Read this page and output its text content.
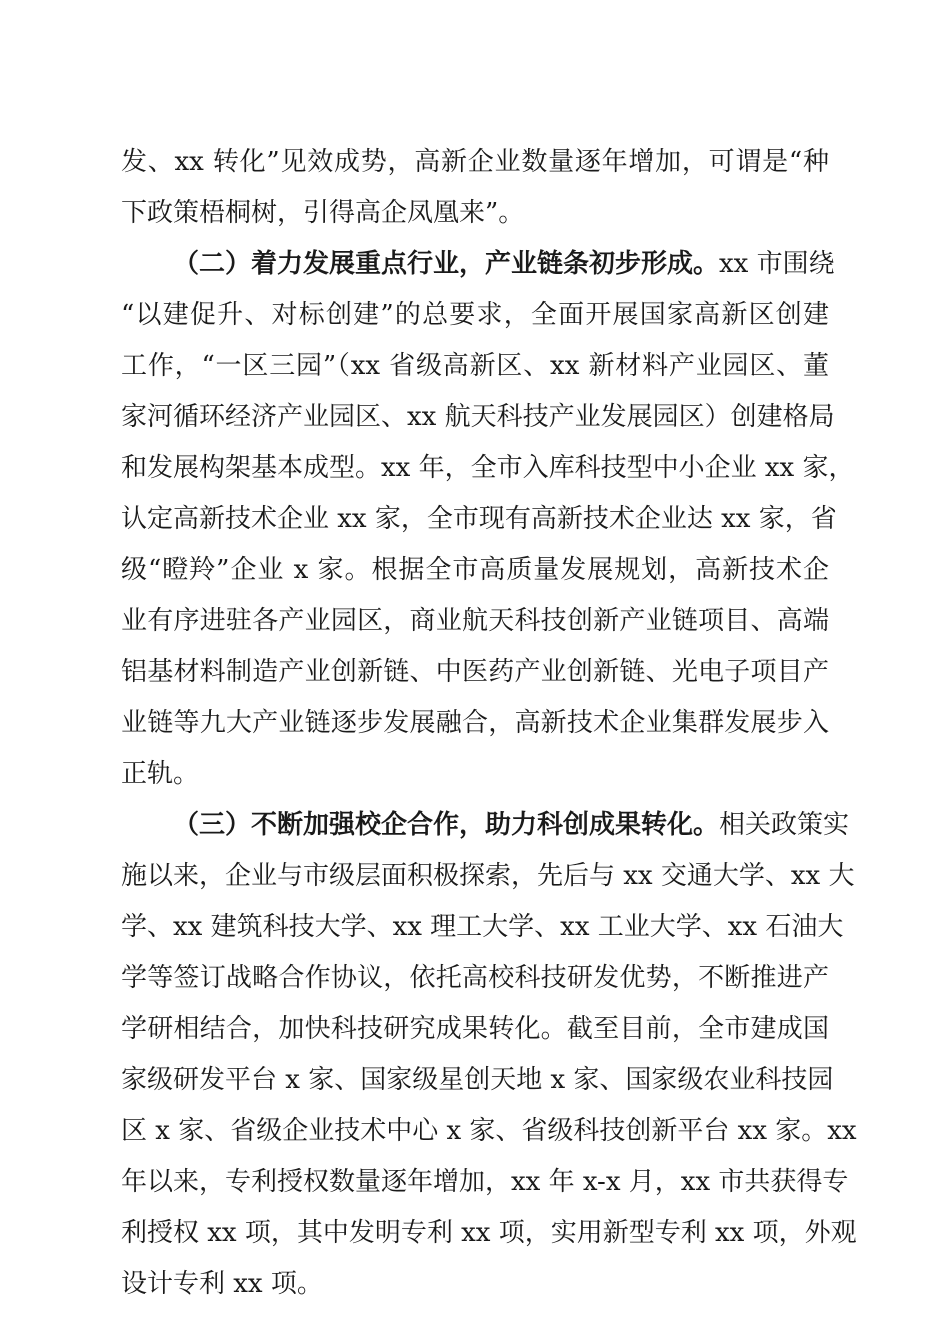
发、xx 转化”见效成势，高新企业数量逐年增加，可谓是“种
下政策梧桐树，引得高企凤凰来”。
（二）着力发展重点行业，产业链条初步形成。xx 市围绕
“以建促升、对标创建”的总要求，全面开展国家高新区创建
工作，“一区三园”（xx 省级高新区、xx 新材料产业园区、董
家河循环经济产业园区、xx 航天科技产业发展园区）创建格局
和发展构架基本成型。xx 年，全市入库科技型中小企业 xx 家，
认定高新技术企业 xx 家，全市现有高新技术企业达 xx 家，省
级“瞪羚”企业 x 家。根据全市高质量发展规划，高新技术企
业有序进驻各产业园区，商业航天科技创新产业链项目、高端
铝基材料制造产业创新链、中医药产业创新链、光电子项目产
业链等九大产业链逐步发展融合，高新技术企业集群发展步入
正轨。
（三）不断加强校企合作，助力科创成果转化。相关政策实
施以来，企业与市级层面积极探索，先后与 xx 交通大学、xx 大
学、xx 建筑科技大学、xx 理工大学、xx 工业大学、xx 石油大
学等签订战略合作协议，依托高校科技研发优势，不断推进产
学研相结合，加快科技研究成果转化。截至目前，全市建成国
家级研发平台 x 家、国家级星创天地 x 家、国家级农业科技园
区 x 家、省级企业技术中心 x 家、省级科技创新平台 xx 家。xx
年以来，专利授权数量逐年增加，xx 年 x-x 月，xx 市共获得专
利授权 xx 项，其中发明专利 xx 项，实用新型专利 xx 项，外观
设计专利 xx 项。
